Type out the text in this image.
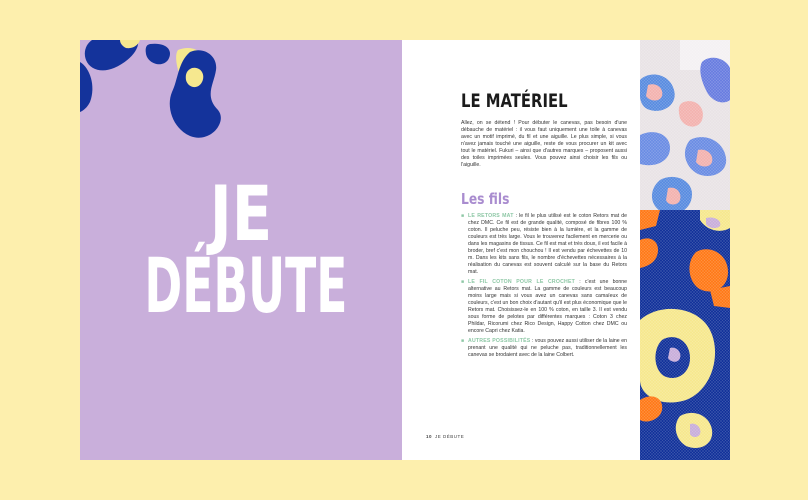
JE
DÉBUTE
LE MATÉRIEL

Allez, on se détend ! Pour débuter le canevas, pas besoin d'une débauche de matériel : il vous faut uniquement une toile à canevas avec un motif imprimé, du fil et une aiguille. Le plus simple, si vous n'avez jamais touché une aiguille, reste de vous procurer un kit avec tout le matériel. Fukuri – ainsi que d'autres marques – proposent aussi des toiles imprimées seules. Vous pouvez ainsi choisir les fils ou l'aiguille.

Les fils
■ LE RETORS MAT : le fil le plus utilisé est le coton Retors mat de chez DMC. Ce fil est de grande qualité, composé de fibres 100 % coton. Il peluche peu, résiste bien à la lumière, et la gamme de couleurs est très large. Vous le trouverez facilement en mercerie ou dans les magasins de tissus. Ce fil est mat et très doux, il est facile à broder, bref c'est mon chouchou ! Il est vendu par échevettes de 10 m. Dans les kits sans fils, le nombre d'échevettes nécessaires à la réalisation du canevas est souvent calculé sur la base du Retors mat.
■ LE FIL COTON POUR LE CROCHET : c'est une bonne alternative au Retors mat. La gamme de couleurs est beaucoup moins large mais si vous avez un canevas sans camaïeux de couleurs, c'est un bon choix d'autant qu'il est plus économique que le Retors mat. Choisissez-le en 100 % coton, en taille 3. Il est vendu sous forme de pelotes par différentes marques : Coton 3 chez Phildar, Ricorumi chez Rico Design, Happy Cotton chez DMC ou encore Capri chez Katia.
■ AUTRES POSSIBILITÉS : vous pouvez aussi utiliser de la laine en prenant une qualité qui ne peluche pas, traditionnellement les canevas se brodaient avec de la laine Colbert.
10 JE DÉBUTE
